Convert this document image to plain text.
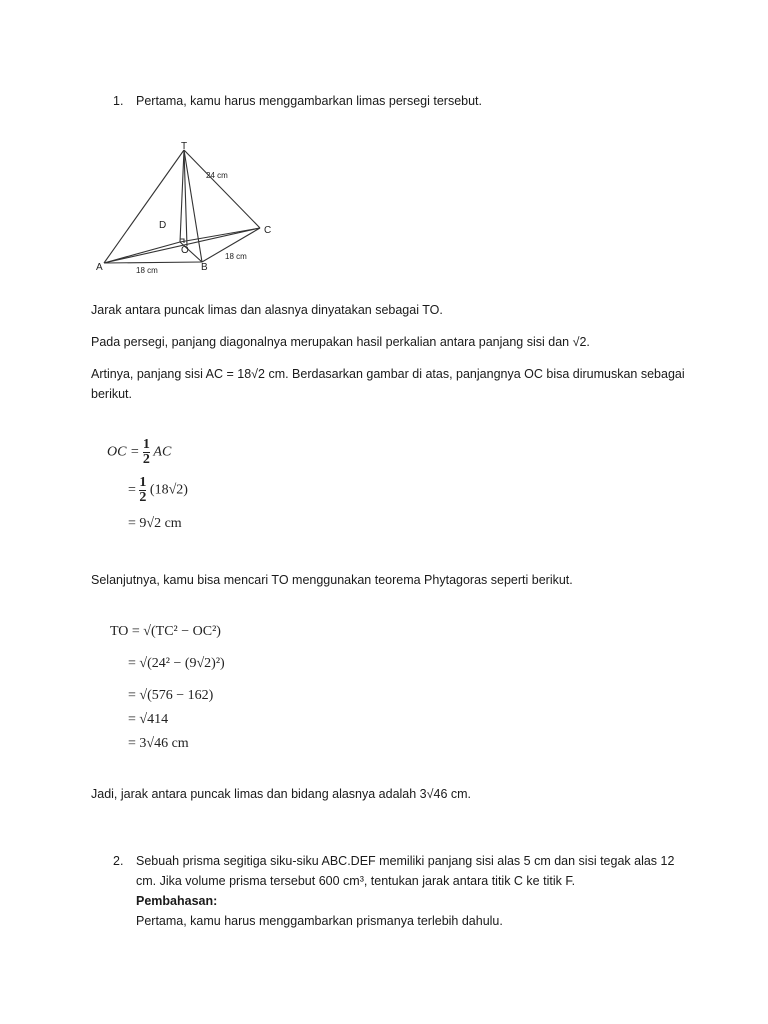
1. Pertama, kamu harus menggambarkan limas persegi tersebut.
T
24 cm
D	C
O
A	B
18 cm
18 cm
Jarak antara puncak limas dan alasnya dinyatakan sebagai TO.
Pada persegi, panjang diagonalnya merupakan hasil perkalian antara panjang sisi dan √2.
Artinya, panjang sisi AC = 18√2 cm. Berdasarkan gambar di atas, panjangnya OC bisa dirumuskan sebagai berikut.
OC = $\frac{1}{2}$ AC
= $\frac{1}{2} (18√2)$
= 9√2 cm
Selanjutnya, kamu bisa mencari TO menggunakan teorema Phytagoras seperti berikut.
TO = √(TC² − OC²)
= √(24² − (9√2)²)
= √(576 − 162)
= √414
= 3√46 cm
Jadi, jarak antara puncak limas dan bidang alasnya adalah 3√46 cm.
2. Sebuah prisma segitiga siku-siku ABC.DEF memiliki panjang sisi alas 5 cm dan sisi tegak alas 12
cm. Jika volume prisma tersebut 600 cm³, tentukan jarak antara titik C ke titik F.
Pembahasan:
Pertama, kamu harus menggambarkan prismanya terlebih dahulu.
